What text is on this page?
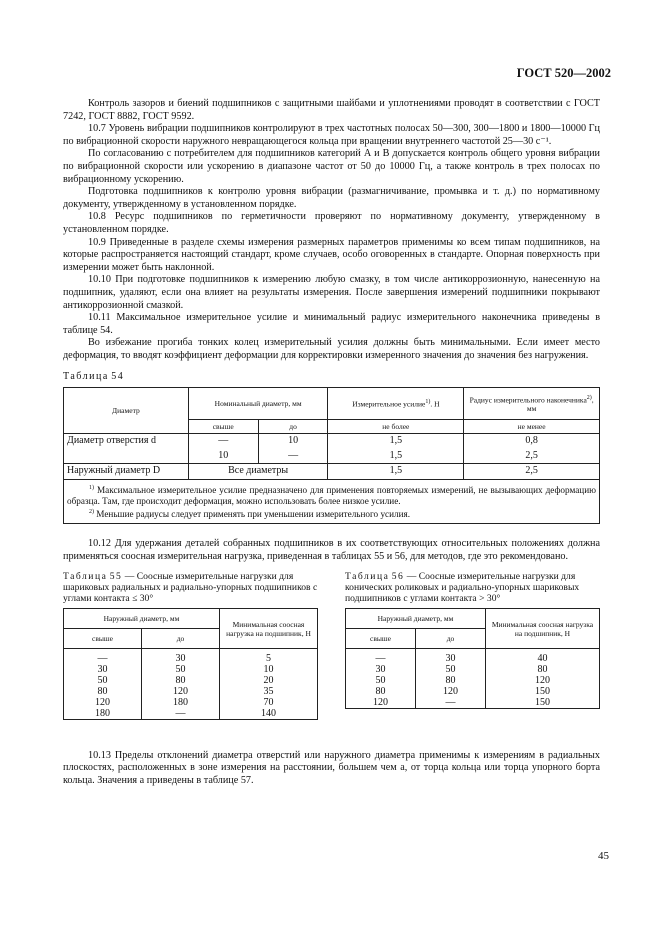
ГОСТ 520—2002

Контроль зазоров и биений подшипников с защитными шайбами и уплотнениями проводят в соответствии с ГОСТ 7242, ГОСТ 8882, ГОСТ 9592.

10.7 Уровень вибрации подшипников контролируют в трех частотных полосах 50—300, 300—1800 и 1800—10000 Гц по вибрационной скорости наружного невращающегося кольца при вращении внутреннего частотой 25—30 с⁻¹.

По согласованию с потребителем для подшипников категорий А и В допускается контроль общего уровня вибрации по вибрационной скорости или ускорению в диапазоне частот от 50 до 10000 Гц, а также контроль в трех полосах по вибрационному ускорению.

Подготовка подшипников к контролю уровня вибрации (размагничивание, промывка и т. д.) по нормативному документу, утвержденному в установленном порядке.

10.8 Ресурс подшипников по герметичности проверяют по нормативному документу, утвержденному в установленном порядке.

10.9 Приведенные в разделе схемы измерения размерных параметров применимы ко всем типам подшипников, на которые распространяется настоящий стандарт, кроме случаев, особо оговоренных в стандарте. Опорная поверхность при измерении может быть наклонной.

10.10 При подготовке подшипников к измерению любую смазку, в том числе антикоррозионную, нанесенную на подшипник, удаляют, если она влияет на результаты измерения. После завершения измерений подшипники покрывают антикоррозионной смазкой.

10.11 Максимальное измерительное усилие и минимальный радиус измерительного наконечника приведены в таблице 54.

Во избежание прогиба тонких колец измерительный усилия должны быть минимальными. Если имеет место деформация, то вводят коэффициент деформации для корректировки измеренного значения до значения без нагружения.

Таблица 54
Диаметр	Номинальный диаметр, мм		Измерительное усилие$^{1)}$. Н	Радиус измерительного наконечника$^{2)}$, мм
	свыше	до	не более	не менее
Диаметр отверстия d	—	10	1,5	0,8
	10	—	1,5	2,5
Наружный диаметр D	Все диаметры		1,5	2,5

$^{1)}$ Максимальное измерительное усилие предназначено для применения повторяемых измерений, не вызывающих деформацию образца. Там, где происходит деформация, можно использовать более низкое усилие.
$^{2)}$ Меньшие радиусы следует применять при уменьшении измерительного усилия.				

10.12 Для удержания деталей собранных подшипников в их соответствующих относительных положениях должна применяться соосная измерительная нагрузка, приведенная в таблицах 55 и 56, для методов, где это рекомендовано.

Таблица 55 — Соосные измерительные нагрузки для шариковых радиальных и радиально-упорных подшипников с углами контакта ≤ 30°
Наружный диаметр, мм		Минимальная соосная нагрузка на подшипник, Н
свыше	до	

—	30	5
30	50	10
50	80	20
80	120	35
120	180	70
180	—	140
Таблица 56 — Соосные измерительные нагрузки для конических роликовых и радиально-упорных шариковых подшипников с углами контакта > 30°
Наружный диаметр, мм		Минимальная соосная нагрузка на подшипник, Н
свыше	до	

—	30	40
30	50	80
50	80	120
80	120	150
120	—	150

10.13 Пределы отклонений диаметра отверстий или наружного диаметра применимы к измерениям в радиальных плоскостях, расположенных в зоне измерения на расстоянии, большем чем а, от торца кольца или торца упорного борта кольца. Значения а приведены в таблице 57.

45
